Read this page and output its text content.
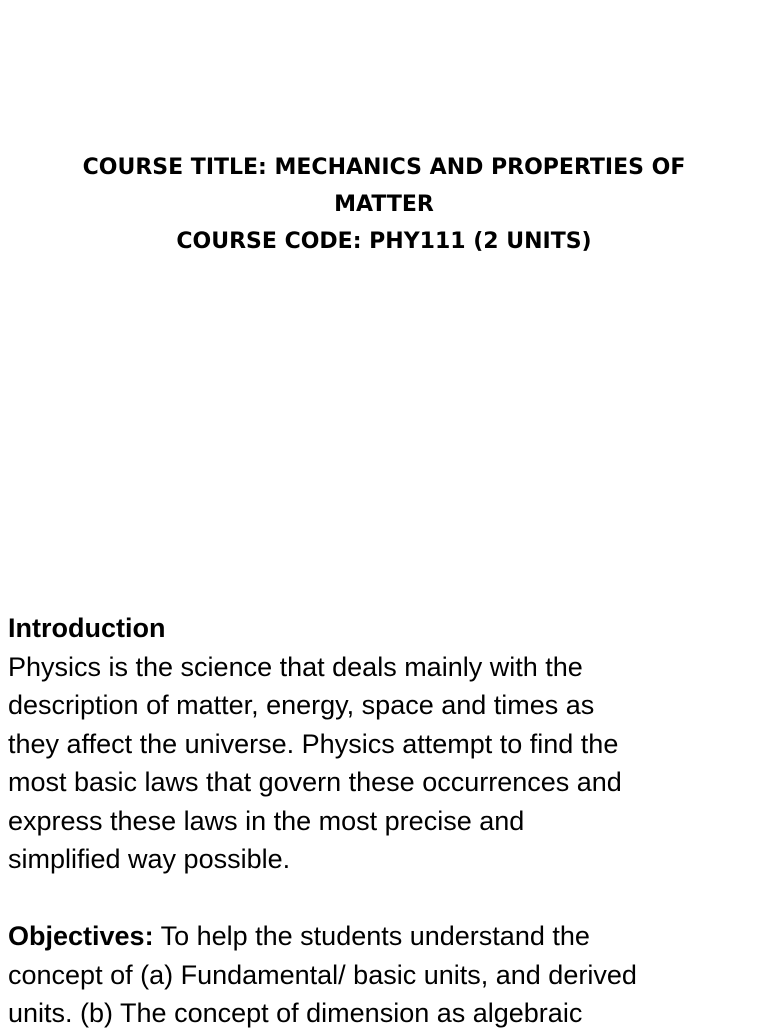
COURSE TITLE: MECHANICS AND PROPERTIES OF
MATTER
COURSE CODE: PHY111 (2 UNITS)
Introduction
Physics is the science that deals mainly with the
description of matter, energy, space and times as
they affect the universe. Physics attempt to find the
most basic laws that govern these occurrences and
express these laws in the most precise and
simplified way possible.
Objectives: To help the students understand the
concept of (a) Fundamental/ basic units, and derived
units. (b) The concept of dimension as algebraic
